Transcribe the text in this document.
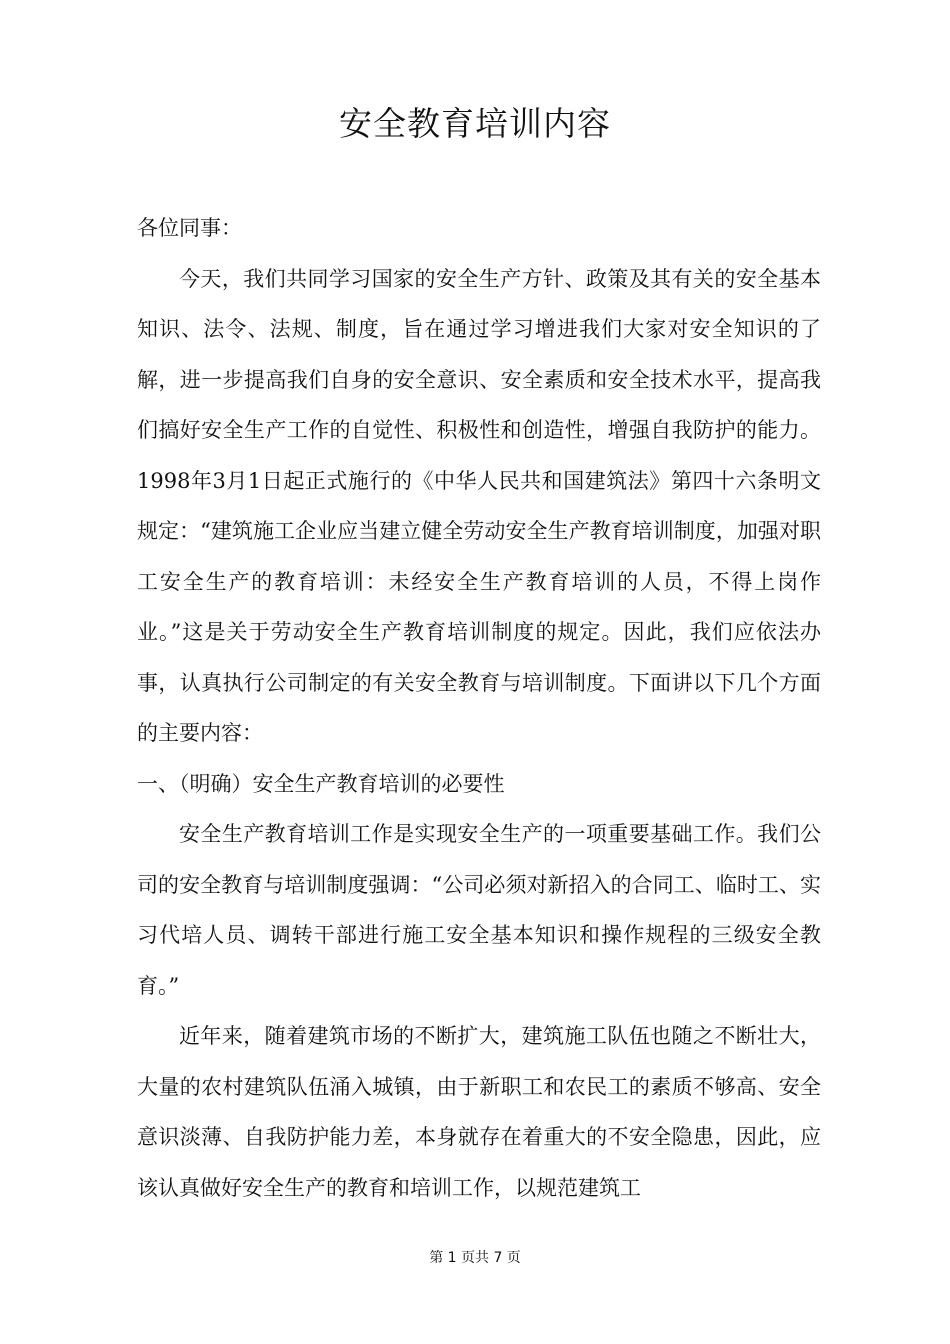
安全教育培训内容

各位同事：

今天，我们共同学习国家的安全生产方针、政策及其有关的安全基本知识、法令、法规、制度，旨在通过学习增进我们大家对安全知识的了解，进一步提高我们自身的安全意识、安全素质和安全技术水平，提高我们搞好安全生产工作的自觉性、积极性和创造性，增强自我防护的能力。1998年3月1日起正式施行的《中华人民共和国建筑法》第四十六条明文规定：“建筑施工企业应当建立健全劳动安全生产教育培训制度，加强对职工安全生产的教育培训：未经安全生产教育培训的人员，不得上岗作业。”这是关于劳动安全生产教育培训制度的规定。因此，我们应依法办事，认真执行公司制定的有关安全教育与培训制度。下面讲以下几个方面的主要内容：

一、（明确）安全生产教育培训的必要性

安全生产教育培训工作是实现安全生产的一项重要基础工作。我们公司的安全教育与培训制度强调：“公司必须对新招入的合同工、临时工、实习代培人员、调转干部进行施工安全基本知识和操作规程的三级安全教育。”

近年来，随着建筑市场的不断扩大，建筑施工队伍也随之不断壮大，大量的农村建筑队伍涌入城镇，由于新职工和农民工的素质不够高、安全意识淡薄、自我防护能力差，本身就存在着重大的不安全隐患，因此，应该认真做好安全生产的教育和培训工作，以规范建筑工

第 1 页共 7 页
